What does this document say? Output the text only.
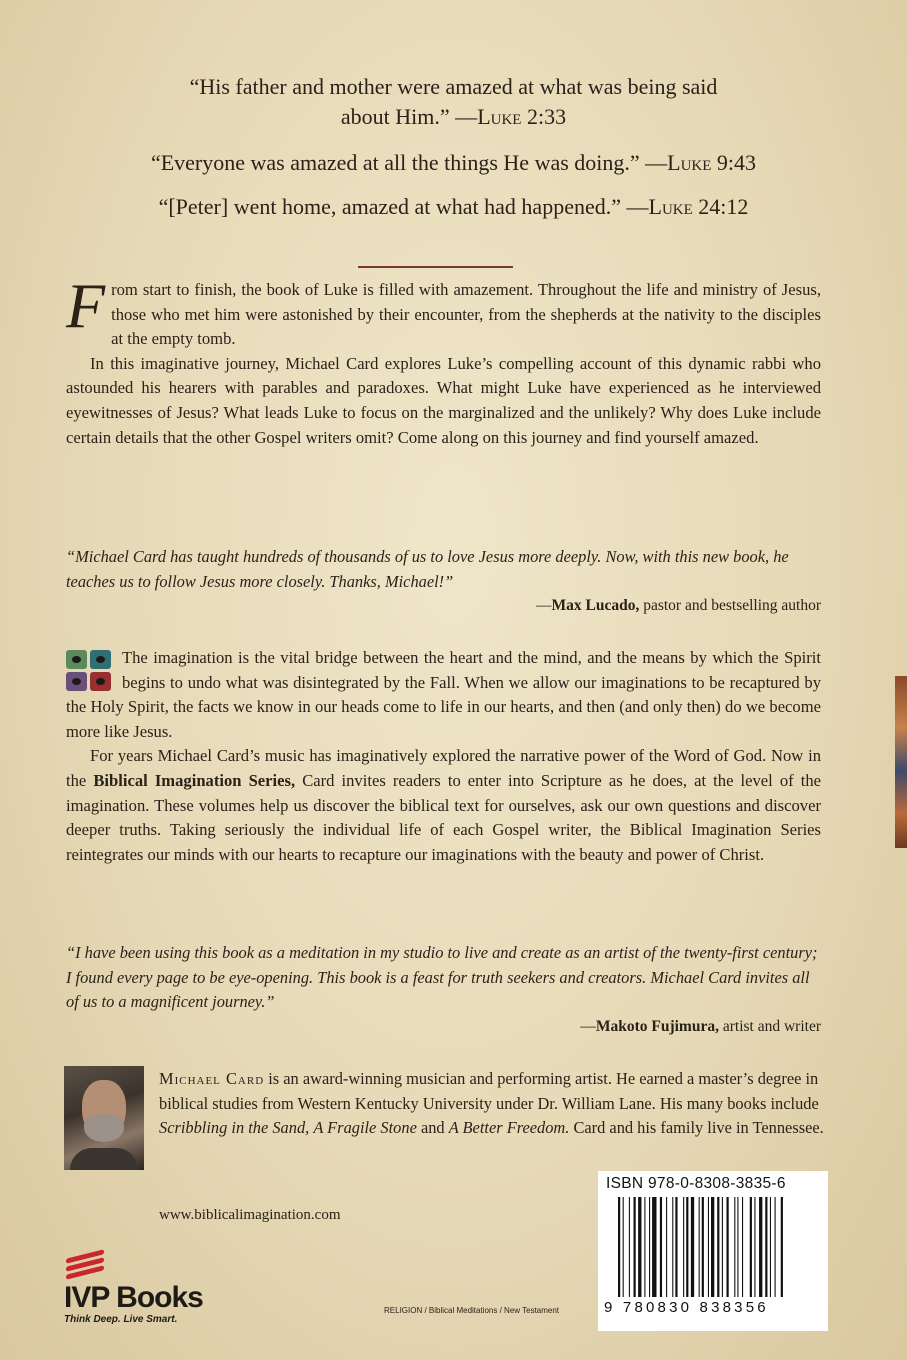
“His father and mother were amazed at what was being said about Him.” —Luke 2:33

“Everyone was amazed at all the things He was doing.” —Luke 9:43

“[Peter] went home, amazed at what had happened.” —Luke 24:12

From start to finish, the book of Luke is filled with amazement. Throughout the life and ministry of Jesus, those who met him were astonished by their encounter, from the shepherds at the nativity to the disciples at the empty tomb.

In this imaginative journey, Michael Card explores Luke’s compelling account of this dynamic rabbi who astounded his hearers with parables and paradoxes. What might Luke have experienced as he interviewed eyewitnesses of Jesus? What leads Luke to focus on the marginalized and the unlikely? Why does Luke include certain details that the other Gospel writers omit? Come along on this journey and find yourself amazed.

“Michael Card has taught hundreds of thousands of us to love Jesus more deeply. Now, with this new book, he teaches us to follow Jesus more closely. Thanks, Michael!”

—Max Lucado, pastor and bestselling author

The imagination is the vital bridge between the heart and the mind, and the means by which the Spirit begins to undo what was disintegrated by the Fall. When we allow our imaginations to be recaptured by the Holy Spirit, the facts we know in our heads come to life in our hearts, and then (and only then) do we become more like Jesus.

For years Michael Card’s music has imaginatively explored the narrative power of the Word of God. Now in the Biblical Imagination Series, Card invites readers to enter into Scripture as he does, at the level of the imagination. These volumes help us discover the biblical text for ourselves, ask our own questions and discover deeper truths. Taking seriously the individual life of each Gospel writer, the Biblical Imagination Series reintegrates our minds with our hearts to recapture our imaginations with the beauty and power of Christ.

“I have been using this book as a meditation in my studio to live and create as an artist of the twenty-first century; I found every page to be eye-opening. This book is a feast for truth seekers and creators. Michael Card invites all of us to a magnificent journey.”

—Makoto Fujimura, artist and writer

Michael Card is an award-winning musician and performing artist. He earned a master’s degree in biblical studies from Western Kentucky University under Dr. William Lane. His many books include Scribbling in the Sand, A Fragile Stone and A Better Freedom. Card and his family live in Tennessee.

www.biblicalimagination.com
IVP Books
Think Deep. Live Smart.
RELIGION / Biblical Meditations / New Testament
ISBN 978-0-8308-3835-6
9 780830 838356
